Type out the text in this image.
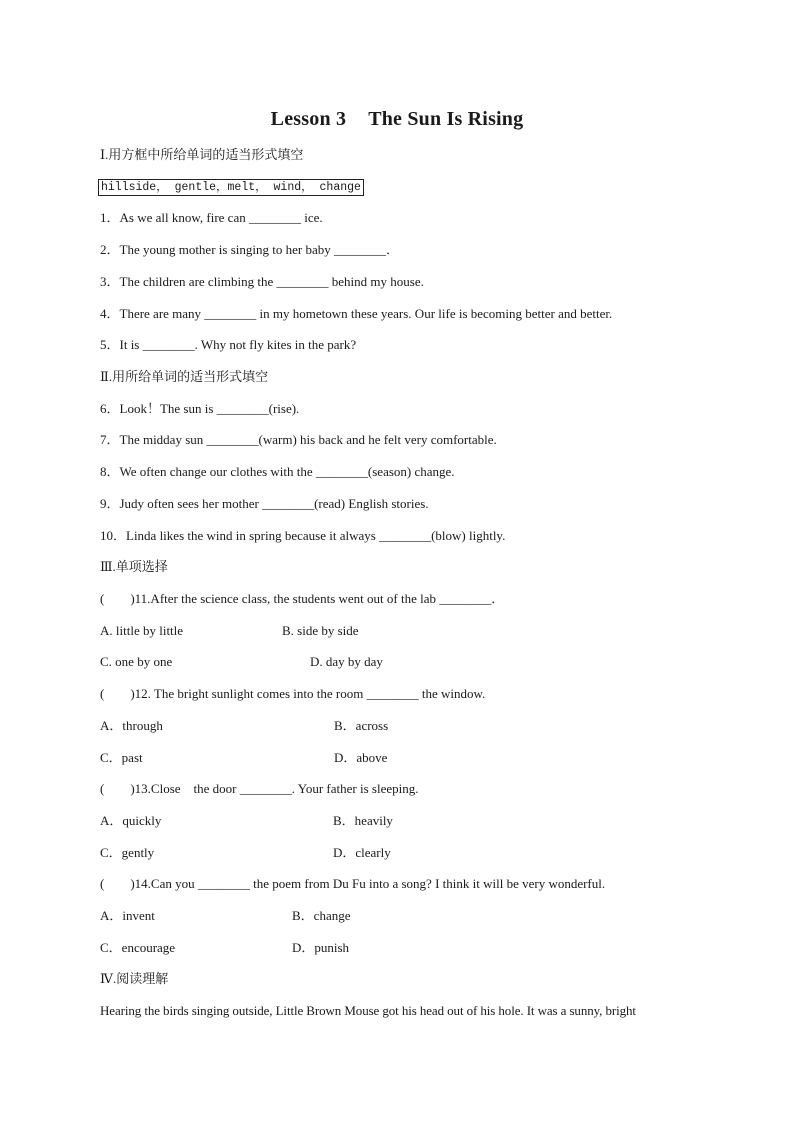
Lesson 3 The Sun Is Rising
Ⅰ.用方框中所给单词的适当形式填空
hillside， gentle，melt， wind， change
1．As we all know, fire can ________ ice.
2．The young mother is singing to her baby ________．
3．The children are climbing the ________ behind my house.
4．There are many ________ in my hometown these years. Our life is becoming better and better.
5．It is ________. Why not fly kites in the park?
Ⅱ.用所给单词的适当形式填空
6．Look！The sun is ________(rise).
7．The midday sun ________(warm) his back and he felt very comfortable.
8．We often change our clothes with the ________(season) change.
9．Judy often sees her mother ________(read) English stories.
10．Linda likes the wind in spring because it always ________(blow) lightly.
Ⅲ.单项选择
(　　)11.After the science class, the students went out of the lab ________．
A. little by little	B. side by side
C. one by one	D. day by day
(　　)12. The bright sunlight comes into the room ________ the window.
A．through	B．across
C．past	D．above
(　　)13.Close　the door ________. Your father is sleeping.
A．quickly	B．heavily
C．gently	D．clearly
(　　)14.Can you ________ the poem from Du Fu into a song? I think it will be very wonderful.
A．invent	B．change
C．encourage	D．punish
Ⅳ.阅读理解
Hearing the birds singing outside, Little Brown Mouse got his head out of his hole. It was a sunny, bright
